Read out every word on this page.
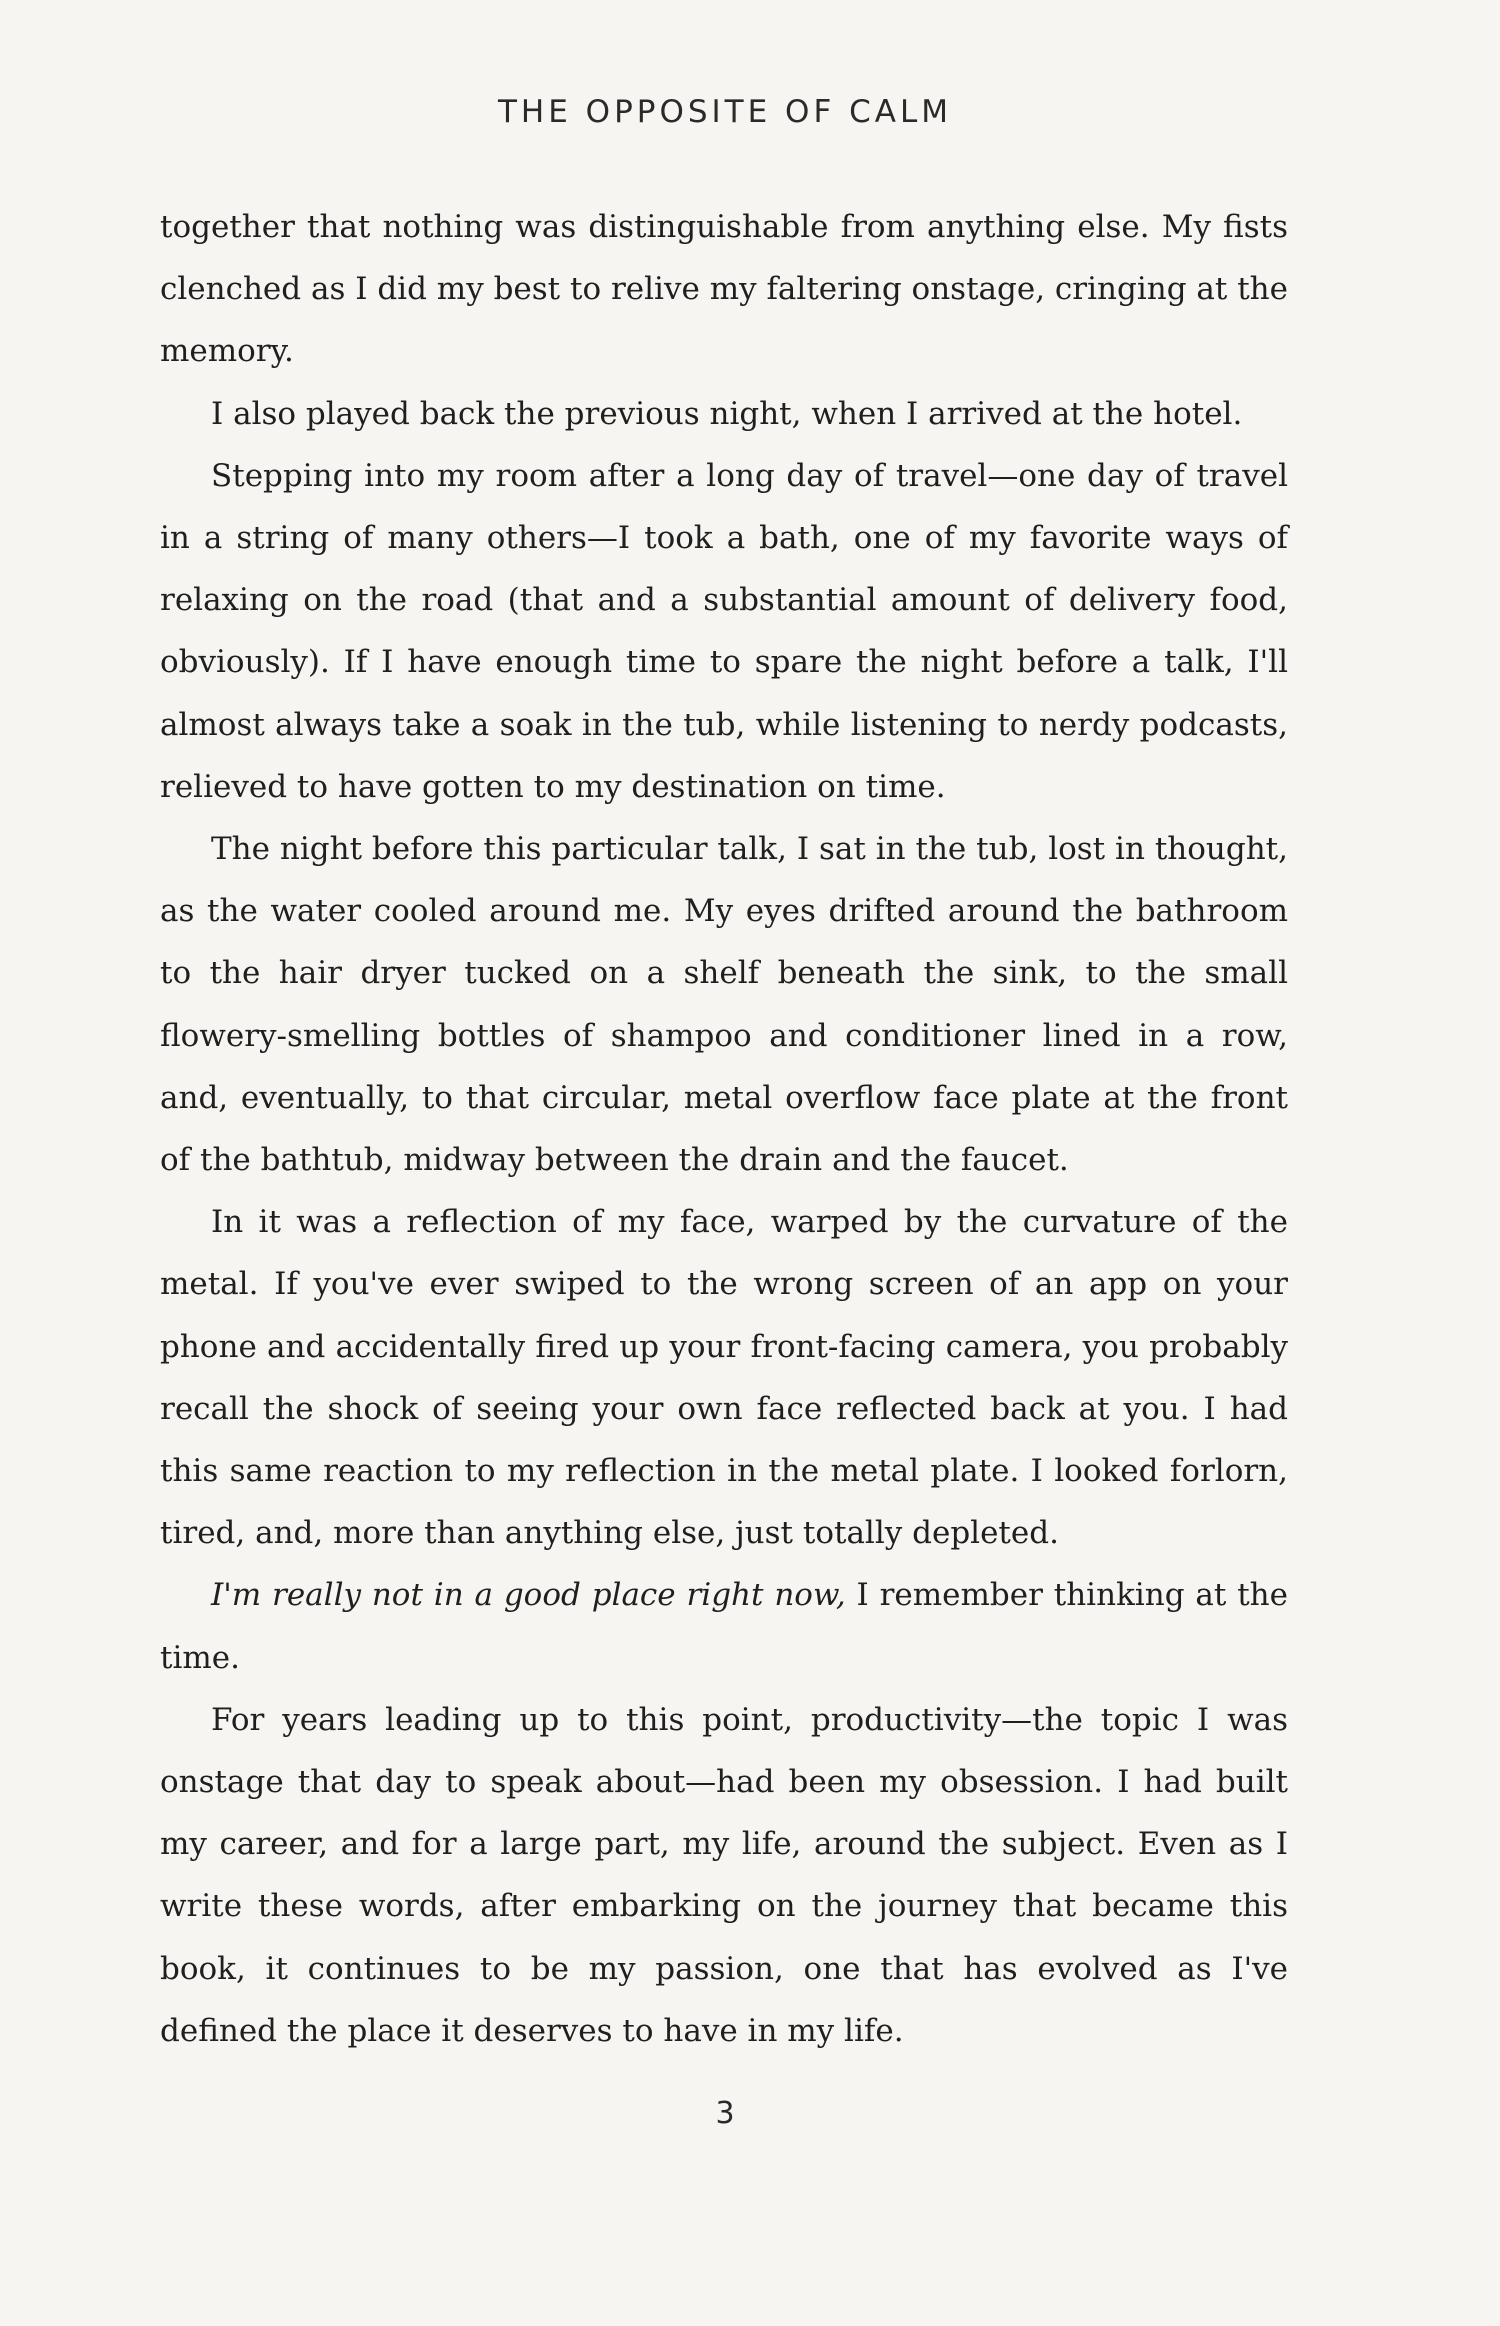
THE OPPOSITE OF CALM

together that nothing was distinguishable from anything else. My fists clenched as I did my best to relive my faltering onstage, cringing at the memory.

I also played back the previous night, when I arrived at the hotel.

Stepping into my room after a long day of travel—one day of travel in a string of many others—I took a bath, one of my favorite ways of relaxing on the road (that and a substantial amount of delivery food, obviously). If I have enough time to spare the night before a talk, I'll almost always take a soak in the tub, while listening to nerdy podcasts, relieved to have gotten to my destination on time.

The night before this particular talk, I sat in the tub, lost in thought, as the water cooled around me. My eyes drifted around the bathroom to the hair dryer tucked on a shelf beneath the sink, to the small flowery-smelling bottles of shampoo and conditioner lined in a row, and, eventually, to that circular, metal overflow face plate at the front of the bathtub, midway between the drain and the faucet.

In it was a reflection of my face, warped by the curvature of the metal. If you've ever swiped to the wrong screen of an app on your phone and accidentally fired up your front-facing camera, you probably recall the shock of seeing your own face reflected back at you. I had this same reaction to my reflection in the metal plate. I looked forlorn, tired, and, more than anything else, just totally depleted.

I'm really not in a good place right now, I remember thinking at the time.

For years leading up to this point, productivity—the topic I was onstage that day to speak about—had been my obsession. I had built my career, and for a large part, my life, around the subject. Even as I write these words, after embarking on the journey that became this book, it continues to be my passion, one that has evolved as I've defined the place it deserves to have in my life.

3
